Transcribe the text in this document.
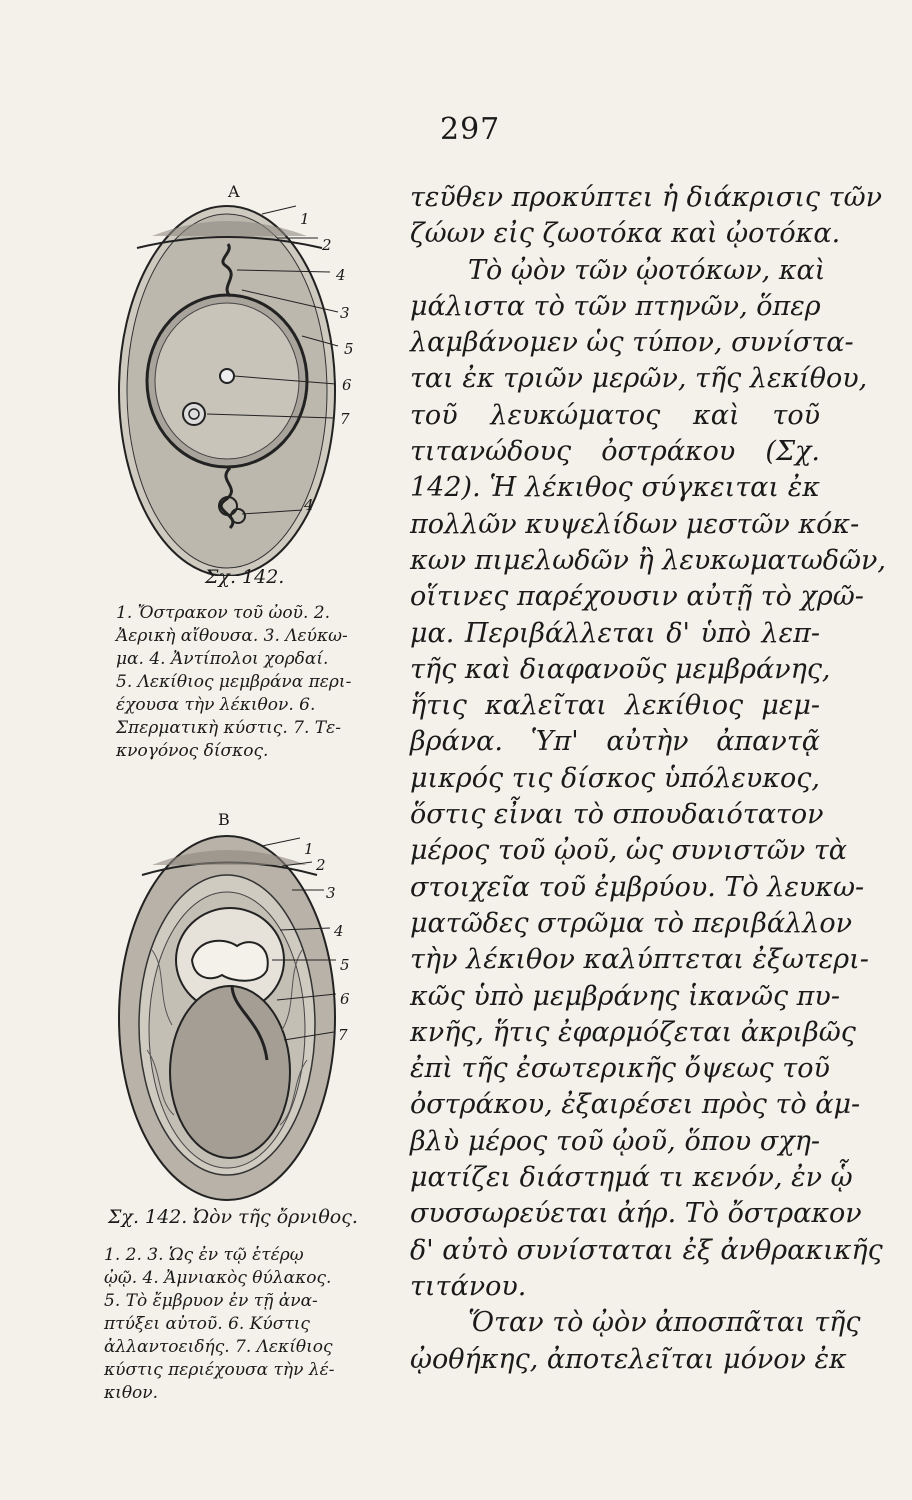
297
A
1
2
4
3
5
6
7
4
Σχ. 142.
1. Ὄστρακον τοῦ ὠοῦ. 2.
Ἀερικὴ αἴθουσα. 3. Λεύκω-
μα. 4. Ἀντίπολοι χορδαί.
5. Λεκίθιος μεμβράνα περι-
έχουσα τὴν λέκιθον. 6.
Σπερματικὴ κύστις. 7. Τε-
κνογόνος δίσκος.
B
1
2
3
4
5
6
7
Σχ. 142. Ὠὸν τῆς ὄρνιθος.
1. 2. 3. Ὡς ἐν τῷ ἑτέρῳ
ᾠῷ. 4. Ἀμνιακὸς θύλακος.
5. Τὸ ἔμβρυον ἐν τῇ ἀνα-
πτύξει αὐτοῦ. 6. Κύστις
ἀλλαντοειδής. 7. Λεκίθιος
κύστις περιέχουσα τὴν λέ-
κιθον.
τεῦθεν προκύπτει ἡ διάκρισις τῶν
ζώων εἰς ζωοτόκα καὶ ᾠοτόκα.
Τὸ ᾠὸν τῶν ᾠοτόκων, καὶ
μάλιστα τὸ τῶν πτηνῶν, ὅπερ
λαμβάνομεν ὡς τύπον, συνίστα-
ται ἐκ τριῶν μερῶν, τῆς λεκίθου,
τοῦ λευκώματος καὶ τοῦ
τιτανώδους ὀστράκου (Σχ.
142). Ἡ λέκιθος σύγκειται ἐκ
πολλῶν κυψελίδων μεστῶν κόκ-
κων πιμελωδῶν ἢ λευκωματωδῶν,
οἵτινες παρέχουσιν αὐτῇ τὸ χρῶ-
μα. Περιβάλλεται δ' ὑπὸ λεπ-
τῆς καὶ διαφανοῦς μεμβράνης,
ἥτις καλεῖται λεκίθιος μεμ-
βράνα. Ὑπ' αὐτὴν ἀπαντᾷ
μικρός τις δίσκος ὑπόλευκος,
ὅστις εἶναι τὸ σπουδαιότατον
μέρος τοῦ ᾠοῦ, ὡς συνιστῶν τὰ
στοιχεῖα τοῦ ἐμβρύου. Τὸ λευκω-
ματῶδες στρῶμα τὸ περιβάλλον
τὴν λέκιθον καλύπτεται ἐξωτερι-
κῶς ὑπὸ μεμβράνης ἱκανῶς πυ-
κνῆς, ἥτις ἐφαρμόζεται ἀκριβῶς
ἐπὶ τῆς ἐσωτερικῆς ὄψεως τοῦ
ὀστράκου, ἐξαιρέσει πρὸς τὸ ἀμ-
βλὺ μέρος τοῦ ᾠοῦ, ὅπου σχη-
ματίζει διάστημά τι κενόν, ἐν ᾧ
συσσωρεύεται ἀήρ. Τὸ ὄστρακον
δ' αὐτὸ συνίσταται ἐξ ἀνθρακικῆς
τιτάνου.
Ὅταν τὸ ᾠὸν ἀποσπᾶται τῆς
ᾠοθήκης, ἀποτελεῖται μόνον ἐκ
